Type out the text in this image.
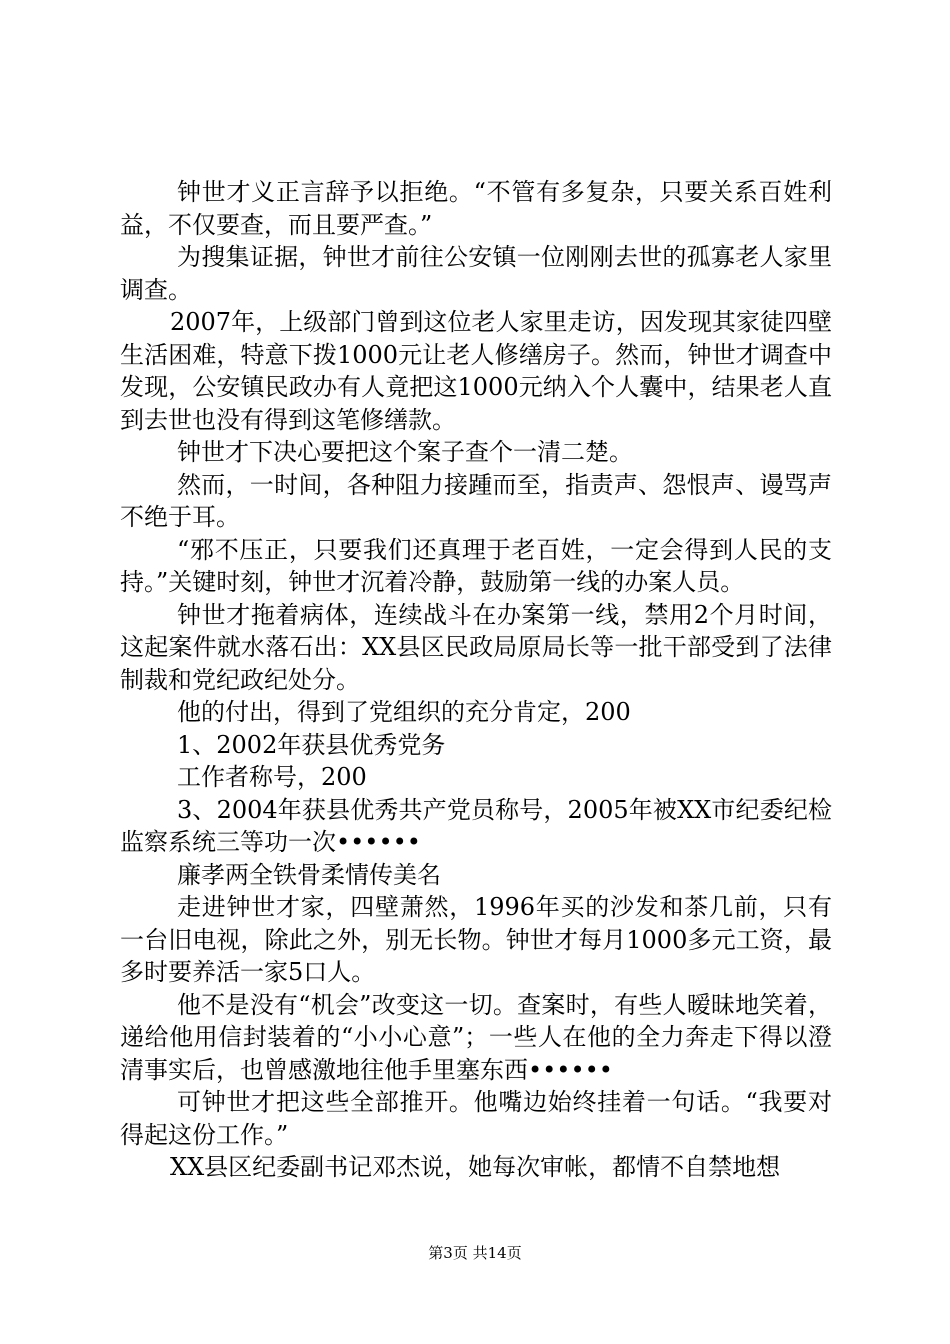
钟世才义正言辞予以拒绝。“不管有多复杂，只要关系百姓利益，不仅要查，而且要严查。”

为搜集证据，钟世才前往公安镇一位刚刚去世的孤寡老人家里调查。

2007年，上级部门曾到这位老人家里走访，因发现其家徒四壁生活困难，特意下拨1000元让老人修缮房子。然而，钟世才调查中发现，公安镇民政办有人竟把这1000元纳入个人囊中，结果老人直到去世也没有得到这笔修缮款。

钟世才下决心要把这个案子查个一清二楚。

然而，一时间，各种阻力接踵而至，指责声、怨恨声、谩骂声不绝于耳。

“邪不压正，只要我们还真理于老百姓，一定会得到人民的支持。”关键时刻，钟世才沉着冷静，鼓励第一线的办案人员。

钟世才拖着病体，连续战斗在办案第一线，禁用2个月时间，这起案件就水落石出：XX县区民政局原局长等一批干部受到了法律制裁和党纪政纪处分。

他的付出，得到了党组织的充分肯定，200

1、2002年获县优秀党务

工作者称号，200

3、2004年获县优秀共产党员称号，2005年被XX市纪委纪检监察系统三等功一次••••••

廉孝两全铁骨柔情传美名

走进钟世才家，四壁萧然，1996年买的沙发和茶几前，只有一台旧电视，除此之外，别无长物。钟世才每月1000多元工资，最多时要养活一家5口人。

他不是没有“机会”改变这一切。查案时，有些人暧昧地笑着，递给他用信封装着的“小小心意”；一些人在他的全力奔走下得以澄清事实后，也曾感激地往他手里塞东西••••••

可钟世才把这些全部推开。他嘴边始终挂着一句话。“我要对得起这份工作。”

XX县区纪委副书记邓杰说，她每次审帐，都情不自禁地想

第3页 共14页
